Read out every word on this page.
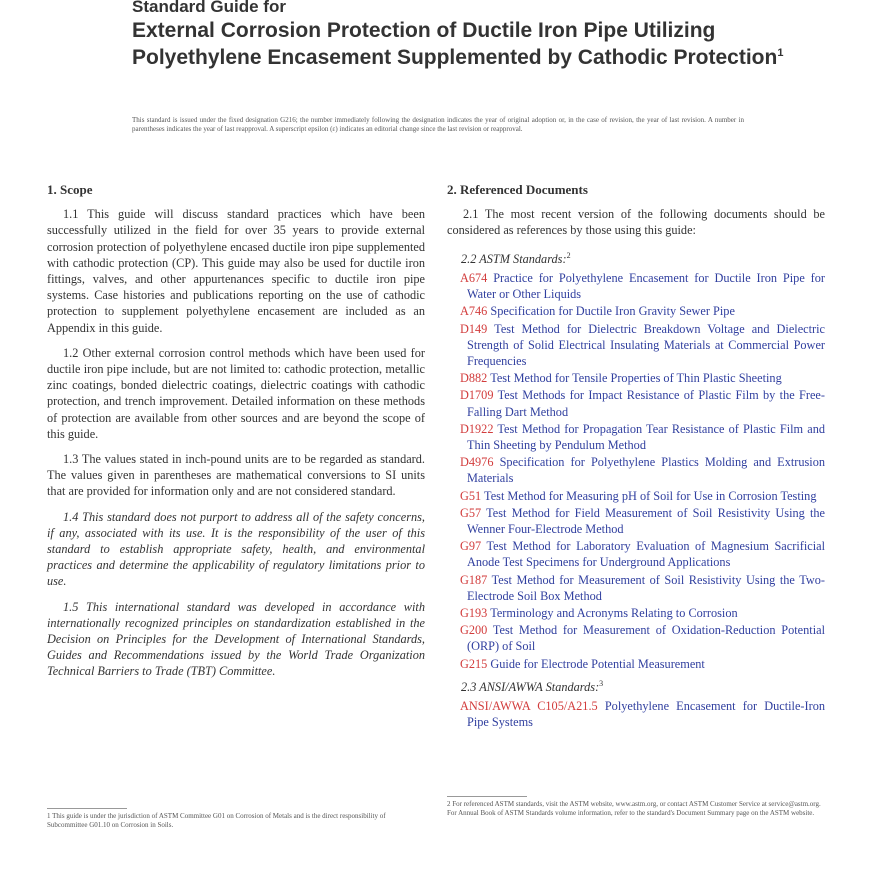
Standard Guide for
External Corrosion Protection of Ductile Iron Pipe Utilizing Polyethylene Encasement Supplemented by Cathodic Protection$^1$
This standard is issued under the fixed designation G216; the number immediately following the designation indicates the year of original adoption or, in the case of revision, the year of last revision. A number in parentheses indicates the year of last reapproval. A superscript epsilon (ε) indicates an editorial change since the last revision or reapproval.
1. Scope

1.1 This guide will discuss standard practices which have been successfully utilized in the field for over 35 years to provide external corrosion protection of polyethylene encased ductile iron pipe supplemented with cathodic protection (CP). This guide may also be used for ductile iron fittings, valves, and other appurtenances specific to ductile iron pipe systems. Case histories and publications reporting on the use of cathodic protection to supplement polyethylene encasement are included as an Appendix in this guide.

1.2 Other external corrosion control methods which have been used for ductile iron pipe include, but are not limited to: cathodic protection, metallic zinc coatings, bonded dielectric coatings, dielectric coatings with cathodic protection, and trench improvement. Detailed information on these methods of protection are available from other sources and are beyond the scope of this guide.

1.3 The values stated in inch-pound units are to be regarded as standard. The values given in parentheses are mathematical conversions to SI units that are provided for information only and are not considered standard.

1.4 This standard does not purport to address all of the safety concerns, if any, associated with its use. It is the responsibility of the user of this standard to establish appropriate safety, health, and environmental practices and determine the applicability of regulatory limitations prior to use.

1.5 This international standard was developed in accordance with internationally recognized principles on standardization established in the Decision on Principles for the Development of International Standards, Guides and Recommendations issued by the World Trade Organization Technical Barriers to Trade (TBT) Committee.

2. Referenced Documents

2.1 The most recent version of the following documents should be considered as references by those using this guide:

2.2 ASTM Standards:$^2$
A674 Practice for Polyethylene Encasement for Ductile Iron Pipe for Water or Other Liquids
A746 Specification for Ductile Iron Gravity Sewer Pipe
D149 Test Method for Dielectric Breakdown Voltage and Dielectric Strength of Solid Electrical Insulating Materials at Commercial Power Frequencies
D882 Test Method for Tensile Properties of Thin Plastic Sheeting
D1709 Test Methods for Impact Resistance of Plastic Film by the Free-Falling Dart Method
D1922 Test Method for Propagation Tear Resistance of Plastic Film and Thin Sheeting by Pendulum Method
D4976 Specification for Polyethylene Plastics Molding and Extrusion Materials
G51 Test Method for Measuring pH of Soil for Use in Corrosion Testing
G57 Test Method for Field Measurement of Soil Resistivity Using the Wenner Four-Electrode Method
G97 Test Method for Laboratory Evaluation of Magnesium Sacrificial Anode Test Specimens for Underground Applications
G187 Test Method for Measurement of Soil Resistivity Using the Two-Electrode Soil Box Method
G193 Terminology and Acronyms Relating to Corrosion
G200 Test Method for Measurement of Oxidation-Reduction Potential (ORP) of Soil
G215 Guide for Electrode Potential Measurement
2.3 ANSI/AWWA Standards:$^3$
ANSI/AWWA C105/A21.5 Polyethylene Encasement for Ductile-Iron Pipe Systems
1 This guide is under the jurisdiction of ASTM Committee G01 on Corrosion of Metals and is the direct responsibility of Subcommittee G01.10 on Corrosion in Soils.
2 For referenced ASTM standards, visit the ASTM website, www.astm.org, or contact ASTM Customer Service at service@astm.org. For Annual Book of ASTM Standards volume information, refer to the standard's Document Summary page on the ASTM website.
